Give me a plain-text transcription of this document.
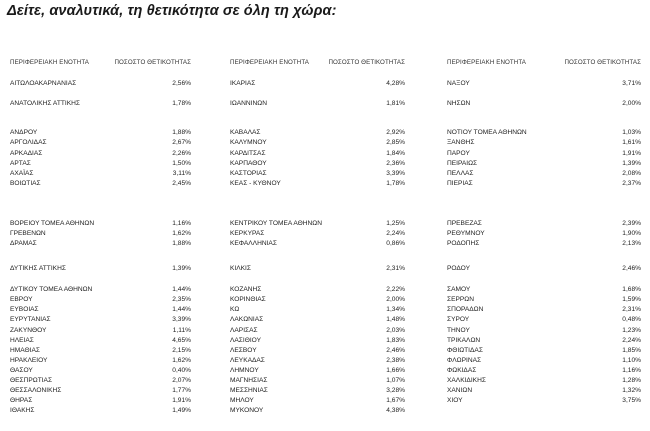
Δείτε, αναλυτικά, τη θετικότητα σε όλη τη χώρα:
ΠΕΡΙΦΕΡΕΙΑΚΗ ΕΝΟΤΗΤΑ	ΠΟΣΟΣΤΟ ΘΕΤΙΚΟΤΗΤΑΣ
ΑΙΤΩΛΟΑΚΑΡΝΑΝΙΑΣ	2,56%
ΑΝΑΤΟΛΙΚΗΣ ΑΤΤΙΚΗΣ	1,78%
ΑΝΔΡΟΥ	1,88%
ΑΡΓΟΛΙΔΑΣ	2,67%
ΑΡΚΑΔΙΑΣ	2,26%
ΑΡΤΑΣ	1,50%
ΑΧΑΪΑΣ	3,11%
ΒΟΙΩΤΙΑΣ	2,45%
ΒΟΡΕΙΟΥ ΤΟΜΕΑ ΑΘΗΝΩΝ	1,16%
ΓΡΕΒΕΝΩΝ	1,62%
ΔΡΑΜΑΣ	1,88%
ΔΥΤΙΚΗΣ ΑΤΤΙΚΗΣ	1,39%
ΔΥΤΙΚΟΥ ΤΟΜΕΑ ΑΘΗΝΩΝ	1,44%
ΕΒΡΟΥ	2,35%
ΕΥΒΟΙΑΣ	1,44%
ΕΥΡΥΤΑΝΙΑΣ	3,39%
ΖΑΚΥΝΘΟΥ	1,11%
ΗΛΕΙΑΣ	4,65%
ΗΜΑΘΙΑΣ	2,15%
ΗΡΑΚΛΕΙΟΥ	1,62%
ΘΑΣΟΥ	0,40%
ΘΕΣΠΡΩΤΙΑΣ	2,07%
ΘΕΣΣΑΛΟΝΙΚΗΣ	1,77%
ΘΗΡΑΣ	1,91%
ΙΘΑΚΗΣ	1,49%
ΠΕΡΙΦΕΡΕΙΑΚΗ ΕΝΟΤΗΤΑ	ΠΟΣΟΣΤΟ ΘΕΤΙΚΟΤΗΤΑΣ
ΙΚΑΡΙΑΣ	4,28%
ΙΩΑΝΝΙΝΩΝ	1,81%
ΚΑΒΑΛΑΣ	2,92%
ΚΑΛΥΜΝΟΥ	2,85%
ΚΑΡΔΙΤΣΑΣ	1,84%
ΚΑΡΠΑΘΟΥ	2,36%
ΚΑΣΤΟΡΙΑΣ	3,39%
ΚΕΑΣ - ΚΥΘΝΟΥ	1,78%
ΚΕΝΤΡΙΚΟΥ ΤΟΜΕΑ ΑΘΗΝΩΝ	1,25%
ΚΕΡΚΥΡΑΣ	2,24%
ΚΕΦΑΛΛΗΝΙΑΣ	0,86%
ΚΙΛΚΙΣ	2,31%
ΚΟΖΑΝΗΣ	2,22%
ΚΟΡΙΝΘΙΑΣ	2,00%
ΚΩ	1,34%
ΛΑΚΩΝΙΑΣ	1,48%
ΛΑΡΙΣΑΣ	2,03%
ΛΑΣΙΘΙΟΥ	1,83%
ΛΕΣΒΟΥ	2,46%
ΛΕΥΚΑΔΑΣ	2,38%
ΛΗΜΝΟΥ	1,66%
ΜΑΓΝΗΣΙΑΣ	1,07%
ΜΕΣΣΗΝΙΑΣ	3,28%
ΜΗΛΟΥ	1,67%
ΜΥΚΟΝΟΥ	4,38%
ΠΕΡΙΦΕΡΕΙΑΚΗ ΕΝΟΤΗΤΑ	ΠΟΣΟΣΤΟ ΘΕΤΙΚΟΤΗΤΑΣ
ΝΑΞΟΥ	3,71%
ΝΗΣΩΝ	2,00%
ΝΟΤΙΟΥ ΤΟΜΕΑ ΑΘΗΝΩΝ	1,03%
ΞΑΝΘΗΣ	1,61%
ΠΑΡΟΥ	1,91%
ΠΕΙΡΑΙΩΣ	1,39%
ΠΕΛΛΑΣ	2,08%
ΠΙΕΡΙΑΣ	2,37%
ΠΡΕΒΕΖΑΣ	2,39%
ΡΕΘΥΜΝΟΥ	1,90%
ΡΟΔΟΠΗΣ	2,13%
ΡΟΔΟΥ	2,46%
ΣΑΜΟΥ	1,68%
ΣΕΡΡΩΝ	1,59%
ΣΠΟΡΑΔΩΝ	2,31%
ΣΥΡΟΥ	0,48%
ΤΗΝΟΥ	1,23%
ΤΡΙΚΑΛΩΝ	2,24%
ΦΘΙΩΤΙΔΑΣ	1,85%
ΦΛΩΡΙΝΑΣ	1,10%
ΦΩΚΙΔΑΣ	1,16%
ΧΑΛΚΙΔΙΚΗΣ	1,28%
ΧΑΝΙΩΝ	1,32%
ΧΙΟΥ	3,75%
